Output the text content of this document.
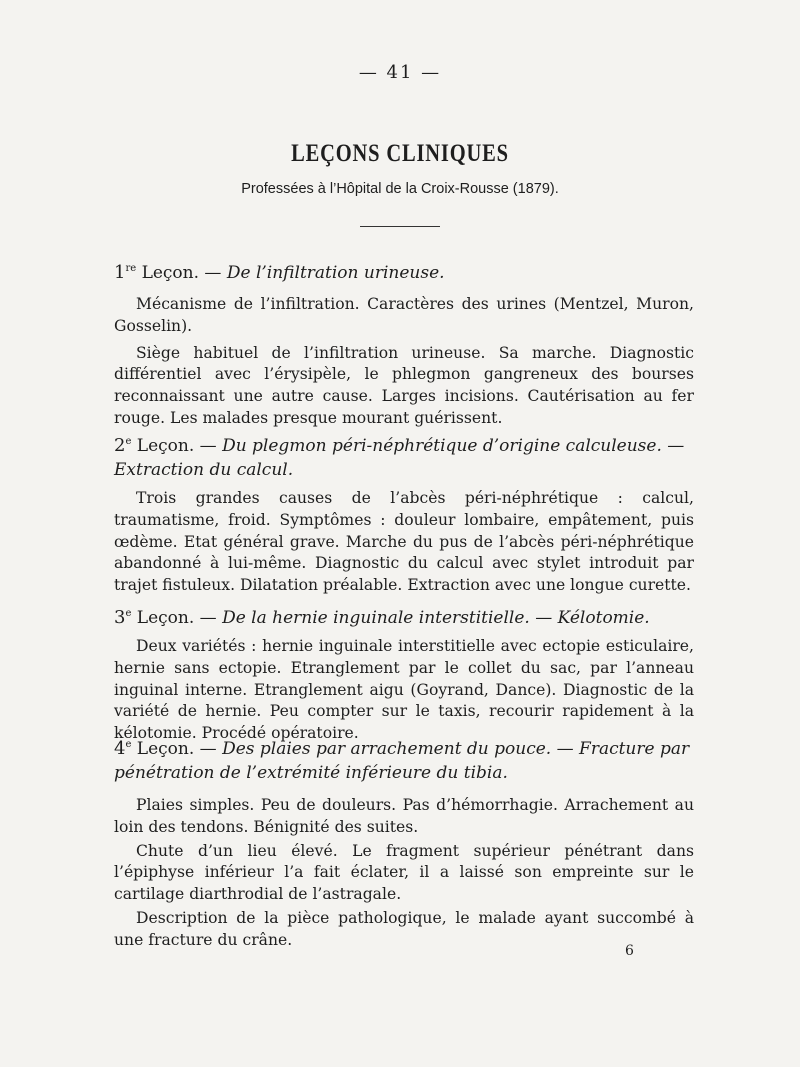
— 41 —
LEÇONS CLINIQUES
Professées à l’Hôpital de la Croix-Rousse (1879).

1re Leçon. — De l’infiltration urineuse.

Mécanisme de l’infiltration. Caractères des urines (Mentzel, Muron, Gosselin).

Siège habituel de l’infiltration urineuse. Sa marche. Diagnostic différentiel avec l’érysipèle, le phlegmon gangreneux des bourses reconnaissant une autre cause. Larges incisions. Cautérisation au fer rouge. Les malades presque mourant guérissent.

2e Leçon. — Du plegmon péri-néphrétique d’origine calculeuse. — Extraction du calcul.

Trois grandes causes de l’abcès péri-néphrétique : calcul, traumatisme, froid. Symptômes : douleur lombaire, empâtement, puis œdème. Etat général grave. Marche du pus de l’abcès péri-néphrétique abandonné à lui-même. Diagnostic du calcul avec stylet introduit par trajet fistuleux. Dilatation préalable. Extraction avec une longue curette.

3e Leçon. — De la hernie inguinale interstitielle. — Kélotomie.

Deux variétés : hernie inguinale interstitielle avec ectopie esticulaire, hernie sans ectopie. Etranglement par le collet du sac, par l’anneau inguinal interne. Etranglement aigu (Goyrand, Dance). Diagnostic de la variété de hernie. Peu compter sur le taxis, recourir rapidement à la kélotomie. Procédé opératoire.

4e Leçon. — Des plaies par arrachement du pouce. — Fracture par pénétration de l’extrémité inférieure du tibia.

Plaies simples. Peu de douleurs. Pas d’hémorrhagie. Arrachement au loin des tendons. Bénignité des suites.

Chute d’un lieu élevé. Le fragment supérieur pénétrant dans l’épiphyse inférieur l’a fait éclater, il a laissé son empreinte sur le cartilage diarthrodial de l’astragale.

Description de la pièce pathologique, le malade ayant succombé à une fracture du crâne.

6
